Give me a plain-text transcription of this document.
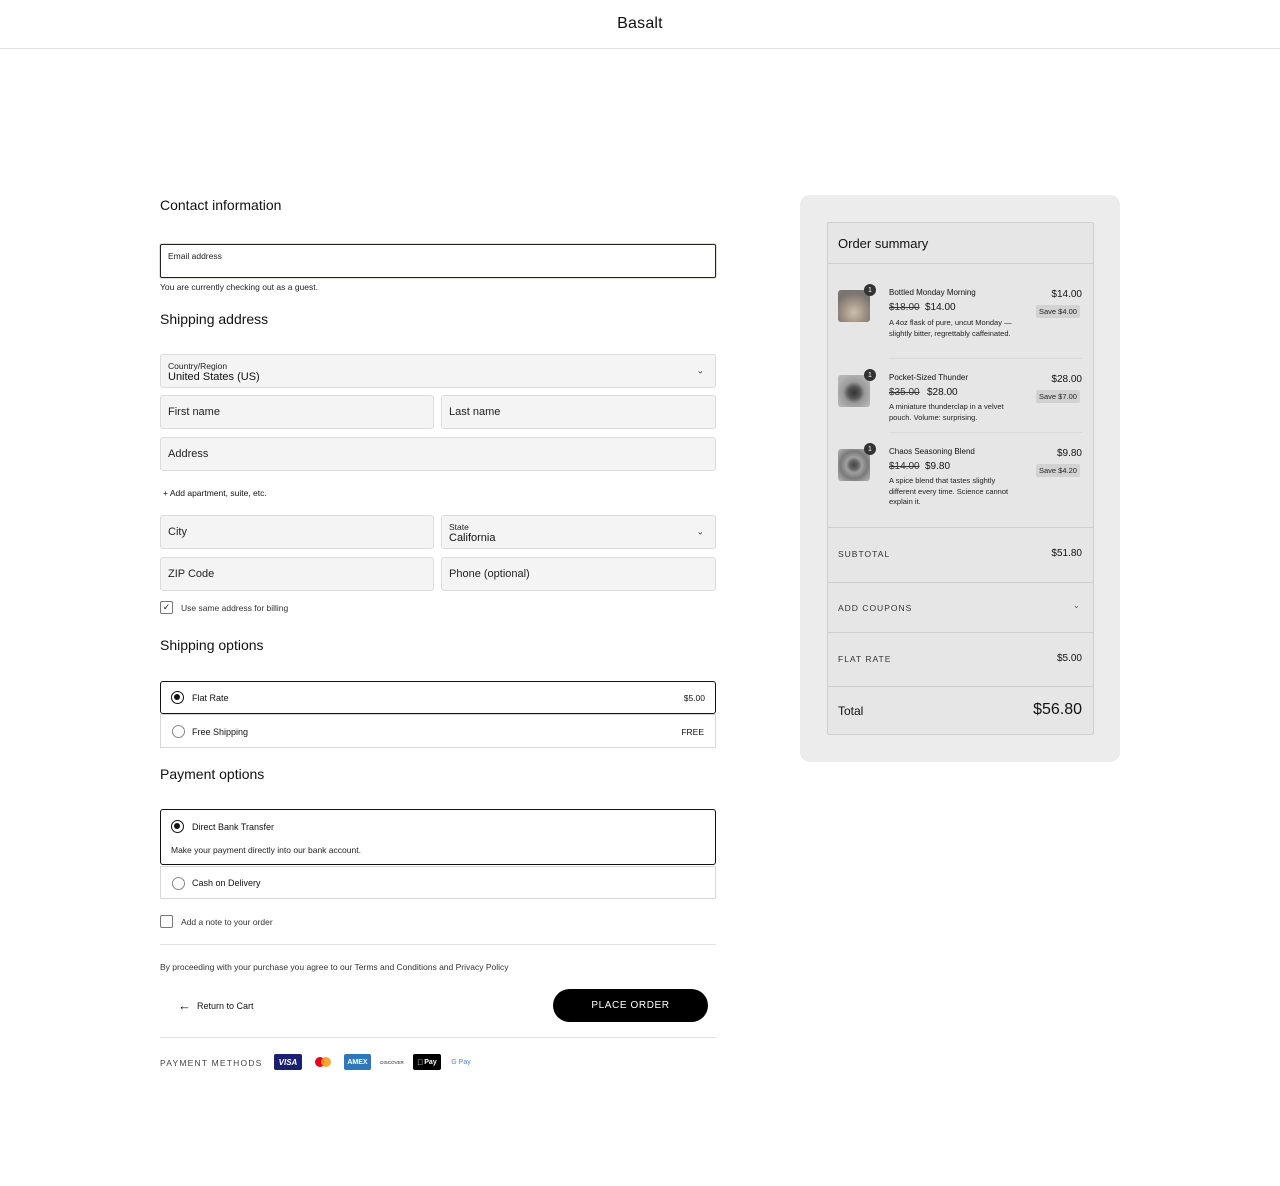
Basalt
Contact information
Email address
You are currently checking out as a guest.
Shipping address
Country/Region
United States (US)
⌄
First name	Last name
Address
+ Add apartment, suite, etc.
City	State
California
⌄
ZIP Code	Phone (optional)
✓ Use same address for billing
Shipping options
Flat Rate	$5.00
Free Shipping	FREE
Payment options
Direct Bank Transfer
Make your payment directly into our bank account.
Cash on Delivery
Add a note to your order
By proceeding with your purchase you agree to our Terms and Conditions and Privacy Policy
← Return to Cart	PLACE ORDER
PAYMENT METHODS	VISA	AMEX	DISCOVER	Pay	G Pay
Order summary
1	Bottled Monday Morning
$18.00 $14.00
A 4oz flask of pure, uncut Monday — slightly bitter, regrettably caffeinated.
$14.00
Save $4.00
1	Pocket-Sized Thunder
$35.00 $28.00
A miniature thunderclap in a velvet pouch. Volume: surprising.
$28.00
Save $7.00
1	Chaos Seasoning Blend
$14.00 $9.80
A spice blend that tastes slightly different every time. Science cannot explain it.
$9.80
Save $4.20
SUBTOTAL	$51.80
ADD COUPONS	⌄
FLAT RATE	$5.00
Total	$56.80
